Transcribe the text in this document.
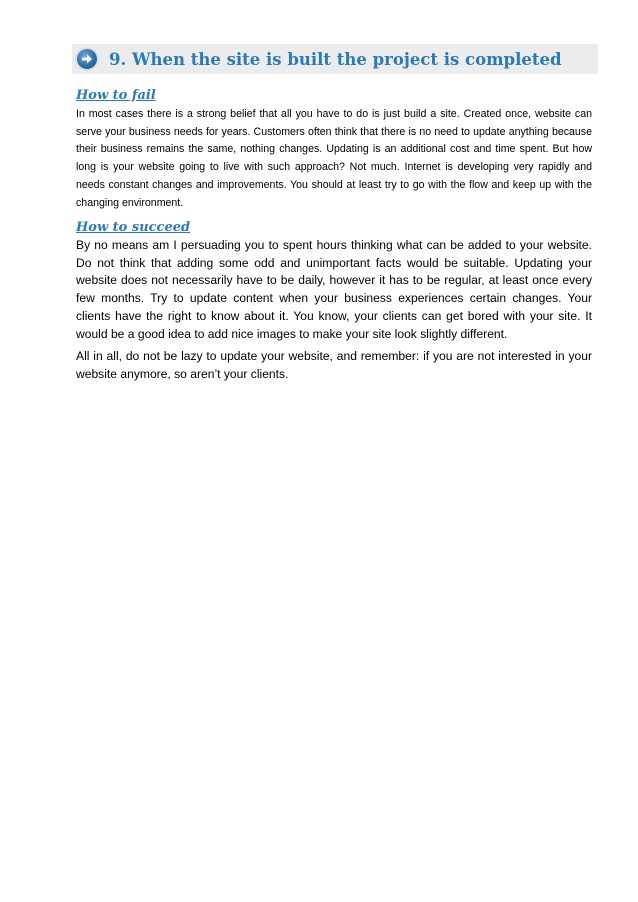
9. When the site is built the project is completed
How to fail
In most cases there is a strong belief that all you have to do is just build a site. Created once, website can serve your business needs for years. Customers often think that there is no need to update anything because their business remains the same, nothing changes. Updating is an additional cost and time spent. But how long is your website going to live with such approach? Not much. Internet is developing very rapidly and needs constant changes and improvements. You should at least try to go with the flow and keep up with the changing environment.
How to succeed
By no means am I persuading you to spent hours thinking what can be added to your website. Do not think that adding some odd and unimportant facts would be suitable. Updating your website does not necessarily have to be daily, however it has to be regular, at least once every few months. Try to update content when your business experiences certain changes. Your clients have the right to know about it. You know, your clients can get bored with your site. It would be a good idea to add nice images to make your site look slightly different.
All in all, do not be lazy to update your website, and remember: if you are not interested in your website anymore, so aren’t your clients.
